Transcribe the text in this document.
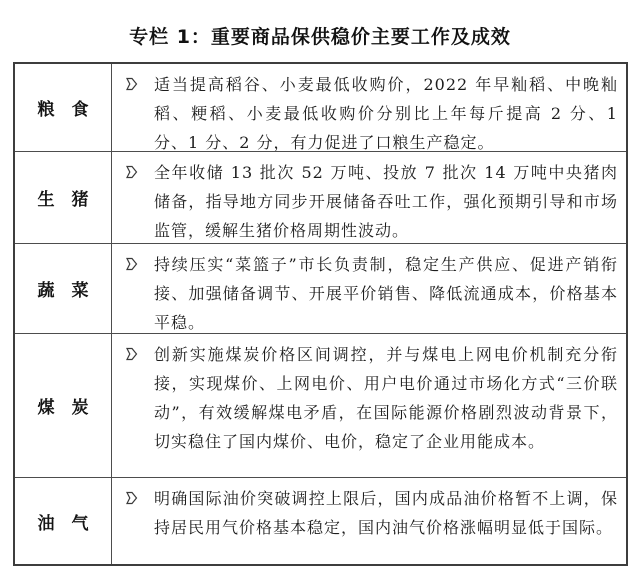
专栏 1：重要商品保供稳价主要工作及成效
粮　食

适当提高稻谷、小麦最低收购价，2022 年早籼稻、中晚籼稻、粳稻、小麦最低收购价分别比上年每斤提高 2 分、1 分、1 分、2 分，有力促进了口粮生产稳定。

生　猪

全年收储 13 批次 52 万吨、投放 7 批次 14 万吨中央猪肉储备，指导地方同步开展储备吞吐工作，强化预期引导和市场监管，缓解生猪价格周期性波动。

蔬　菜

持续压实“菜篮子”市长负责制，稳定生产供应、促进产销衔接、加强储备调节、开展平价销售、降低流通成本，价格基本平稳。

煤　炭

创新实施煤炭价格区间调控，并与煤电上网电价机制充分衔接，实现煤价、上网电价、用户电价通过市场化方式“三价联动”，有效缓解煤电矛盾，在国际能源价格剧烈波动背景下，切实稳住了国内煤价、电价，稳定了企业用能成本。

油　气

明确国际油价突破调控上限后，国内成品油价格暂不上调，保持居民用气价格基本稳定，国内油气价格涨幅明显低于国际。
